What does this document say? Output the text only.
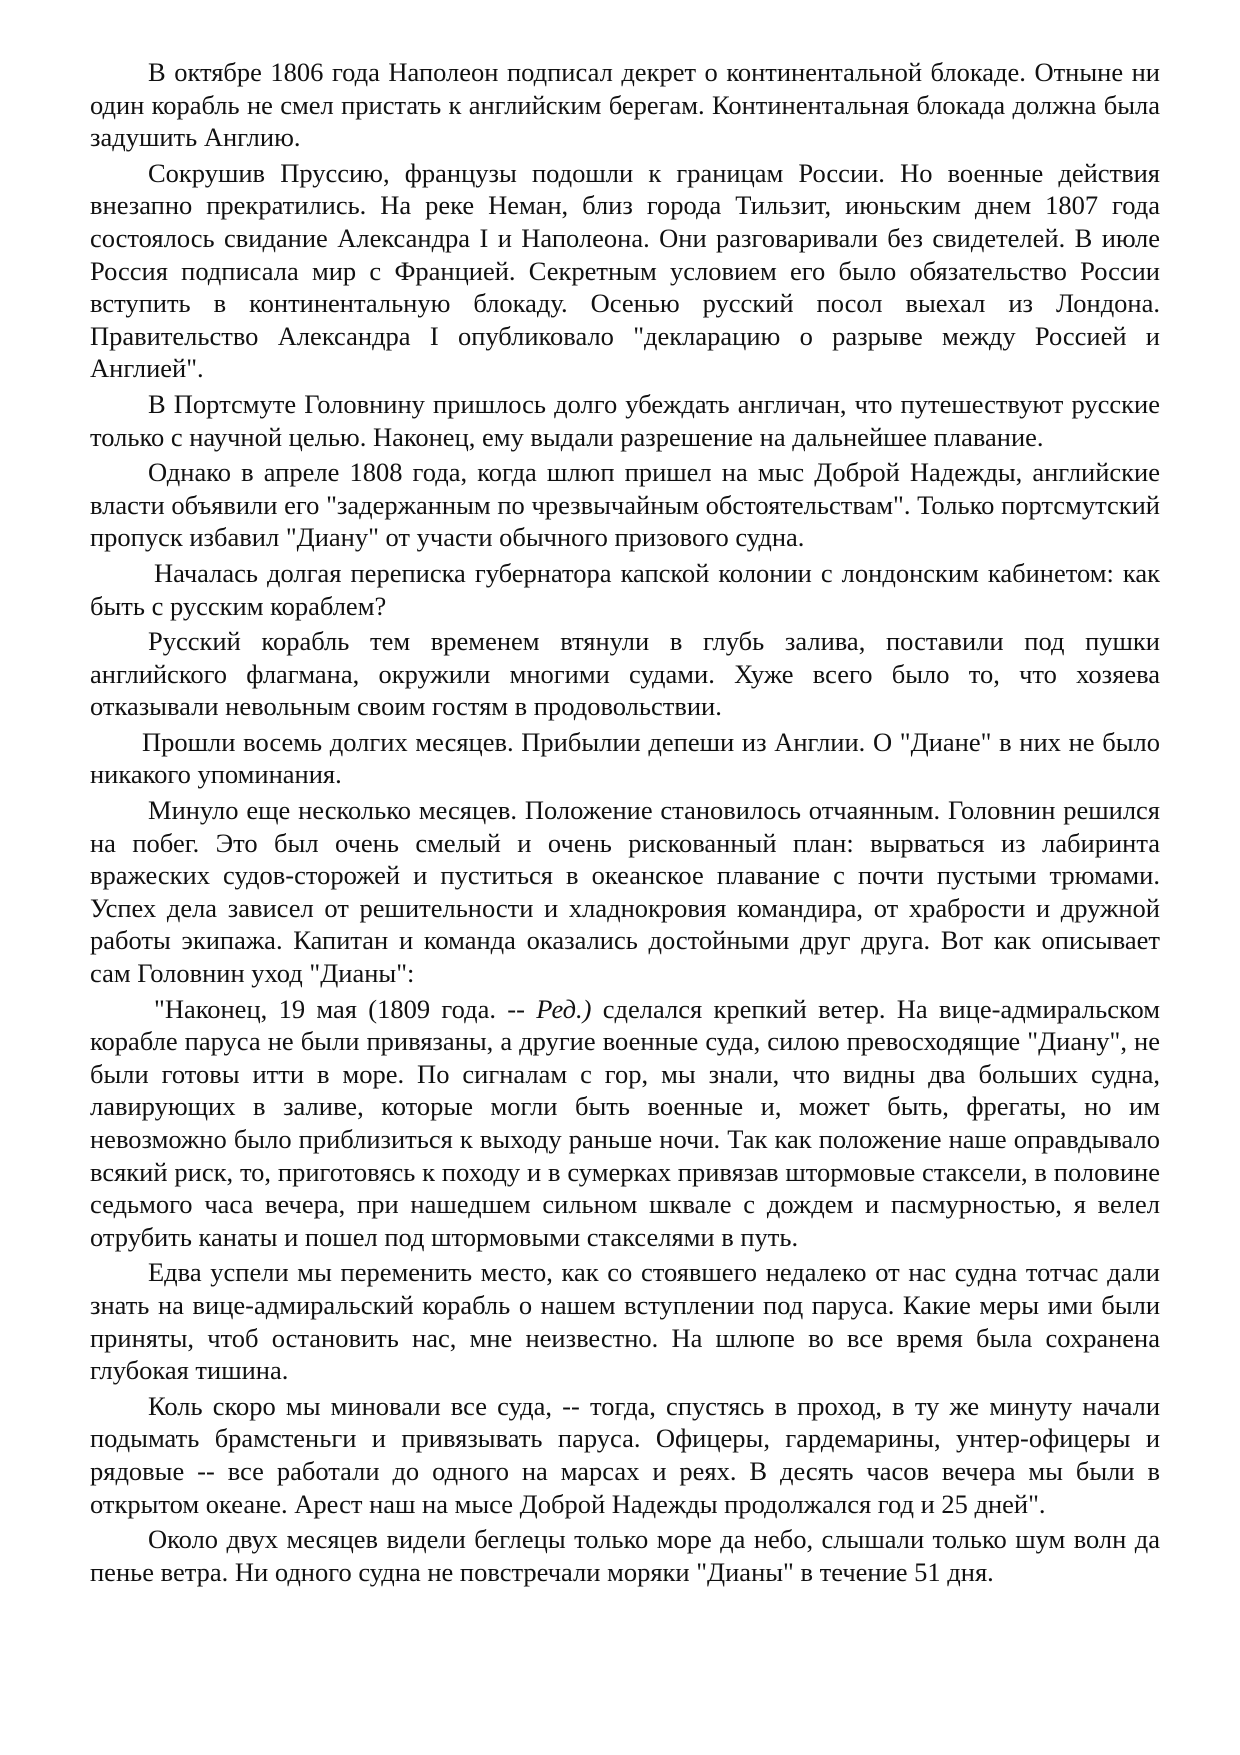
В октябре 1806 года Наполеон подписал декрет о континентальной блокаде. Отныне ни один корабль не смел пристать к английским берегам. Континентальная блокада должна была задушить Англию.

Сокрушив Пруссию, французы подошли к границам России. Но военные действия внезапно прекратились. На реке Неман, близ города Тильзит, июньским днем 1807 года состоялось свидание Александра I и Наполеона. Они разговаривали без свидетелей. В июле Россия подписала мир с Францией. Секретным условием его было обязательство России вступить в континентальную блокаду. Осенью русский посол выехал из Лондона. Правительство Александра I опубликовало "декларацию о разрыве между Россией и Англией".

В Портсмуте Головнину пришлось долго убеждать англичан, что путешествуют русские только с научной целью. Наконец, ему выдали разрешение на дальнейшее плавание.

Однако в апреле 1808 года, когда шлюп пришел на мыс Доброй Надежды, английские власти объявили его "задержанным по чрезвычайным обстоятельствам". Только портсмутский пропуск избавил "Диану" от участи обычного призового судна.

Началась долгая переписка губернатора капской колонии с лондонским кабинетом: как быть с русским кораблем?

Русский корабль тем временем втянули в глубь залива, поставили под пушки английского флагмана, окружили многими судами. Хуже всего было то, что хозяева отказывали невольным своим гостям в продовольствии.

Прошли восемь долгих месяцев. Прибылии депеши из Англии. О "Диане" в них не было никакого упоминания.

Минуло еще несколько месяцев. Положение становилось отчаянным. Головнин решился на побег. Это был очень смелый и очень рискованный план: вырваться из лабиринта вражеских судов-сторожей и пуститься в океанское плавание с почти пустыми трюмами. Успех дела зависел от решительности и хладнокровия командира, от храбрости и дружной работы экипажа. Капитан и команда оказались достойными друг друга. Вот как описывает сам Головнин уход "Дианы":

"Наконец, 19 мая (1809 года. -- Ред.) сделался крепкий ветер. На вице-адмиральском корабле паруса не были привязаны, а другие военные суда, силою превосходящие "Диану", не были готовы итти в море. По сигналам с гор, мы знали, что видны два больших судна, лавирующих в заливе, которые могли быть военные и, может быть, фрегаты, но им невозможно было приблизиться к выходу раньше ночи. Так как положение наше оправдывало всякий риск, то, приготовясь к походу и в сумерках привязав штормовые стаксели, в половине седьмого часа вечера, при нашедшем сильном шквале с дождем и пасмурностью, я велел отрубить канаты и пошел под штормовыми стакселями в путь.

Едва успели мы переменить место, как со стоявшего недалеко от нас судна тотчас дали знать на вице-адмиральский корабль о нашем вступлении под паруса. Какие меры ими были приняты, чтоб остановить нас, мне неизвестно. На шлюпе во все время была сохранена глубокая тишина.

Коль скоро мы миновали все суда, -- тогда, спустясь в проход, в ту же минуту начали подымать брамстеньги и привязывать паруса. Офицеры, гардемарины, унтер-офицеры и рядовые -- все работали до одного на марсах и реях. В десять часов вечера мы были в открытом океане. Арест наш на мысе Доброй Надежды продолжался год и 25 дней".

Около двух месяцев видели беглецы только море да небо, слышали только шум волн да пенье ветра. Ни одного судна не повстречали моряки "Дианы" в течение 51 дня.
